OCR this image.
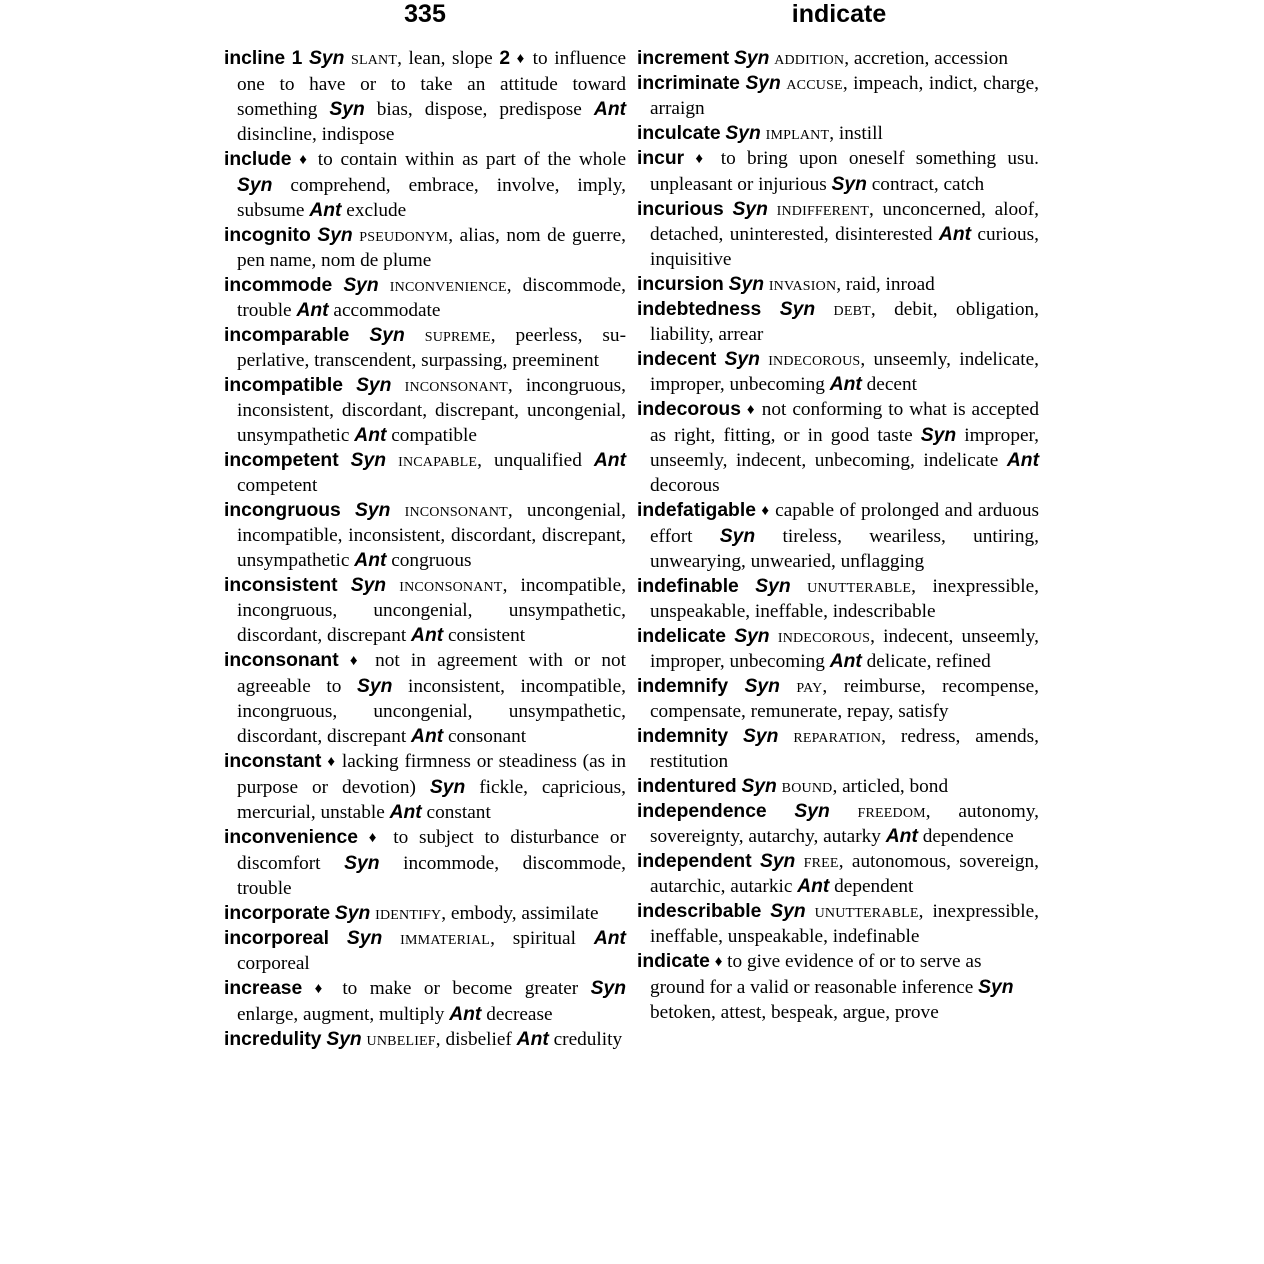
335	indicate

incline 1 Syn slant, lean, slope 2 ♦ to influence one to have or to take an attitude toward something Syn bias, dispose, predispose Ant disincline, indispose

include ♦ to contain within as part of the whole Syn comprehend, embrace, involve, imply, subsume Ant exclude

incognito Syn pseudonym, alias, nom de guerre, pen name, nom de plume

incommode Syn inconvenience, discommode, trouble Ant accommodate

incomparable Syn supreme, peerless, superlative, transcendent, surpassing, preeminent

incompatible Syn inconsonant, incongruous, inconsistent, discordant, discrepant, uncongenial, unsympathetic Ant compatible

incompetent Syn incapable, unqualified Ant competent

incongruous Syn inconsonant, uncongenial, incompatible, inconsistent, discordant, discrepant, unsympathetic Ant congruous

inconsistent Syn inconsonant, incompatible, incongruous, uncongenial, unsympathetic, discordant, discrepant Ant consistent

inconsonant ♦ not in agreement with or not agreeable to Syn inconsistent, incompatible, incongruous, uncongenial, unsympathetic, discordant, discrepant Ant consonant

inconstant ♦ lacking firmness or steadiness (as in purpose or devotion) Syn fickle, capricious, mercurial, unstable Ant constant

inconvenience ♦ to subject to disturbance or discomfort Syn incommode, discommode, trouble

incorporate Syn identify, embody, assimilate

incorporeal Syn immaterial, spiritual Ant corporeal

increase ♦ to make or become greater Syn enlarge, augment, multiply Ant decrease

incredulity Syn unbelief, disbelief Ant credulity

increment Syn addition, accretion, accession

incriminate Syn accuse, impeach, indict, charge, arraign

inculcate Syn implant, instill

incur ♦ to bring upon oneself something usu. unpleasant or injurious Syn contract, catch

incurious Syn indifferent, unconcerned, aloof, detached, uninterested, disinterested Ant curious, inquisitive

incursion Syn invasion, raid, inroad

indebtedness Syn debt, debit, obligation, liability, arrear

indecent Syn indecorous, unseemly, indelicate, improper, unbecoming Ant decent

indecorous ♦ not conforming to what is accepted as right, fitting, or in good taste Syn improper, unseemly, indecent, unbecoming, indelicate Ant decorous

indefatigable ♦ capable of prolonged and arduous effort Syn tireless, weariless, untiring, unwearying, unwearied, unflagging

indefinable Syn unutterable, inexpressible, unspeakable, ineffable, indescribable

indelicate Syn indecorous, indecent, unseemly, improper, unbecoming Ant delicate, refined

indemnify Syn pay, reimburse, recompense, compensate, remunerate, repay, satisfy

indemnity Syn reparation, redress, amends, restitution

indentured Syn bound, articled, bond

independence Syn freedom, autonomy, sovereignty, autarchy, autarky Ant dependence

independent Syn free, autonomous, sovereign, autarchic, autarkic Ant dependent

indescribable Syn unutterable, inexpressible, ineffable, unspeakable, indefinable

indicate ♦ to give evidence of or to serve as ground for a valid or reasonable inference Syn betoken, attest, bespeak, argue, prove
